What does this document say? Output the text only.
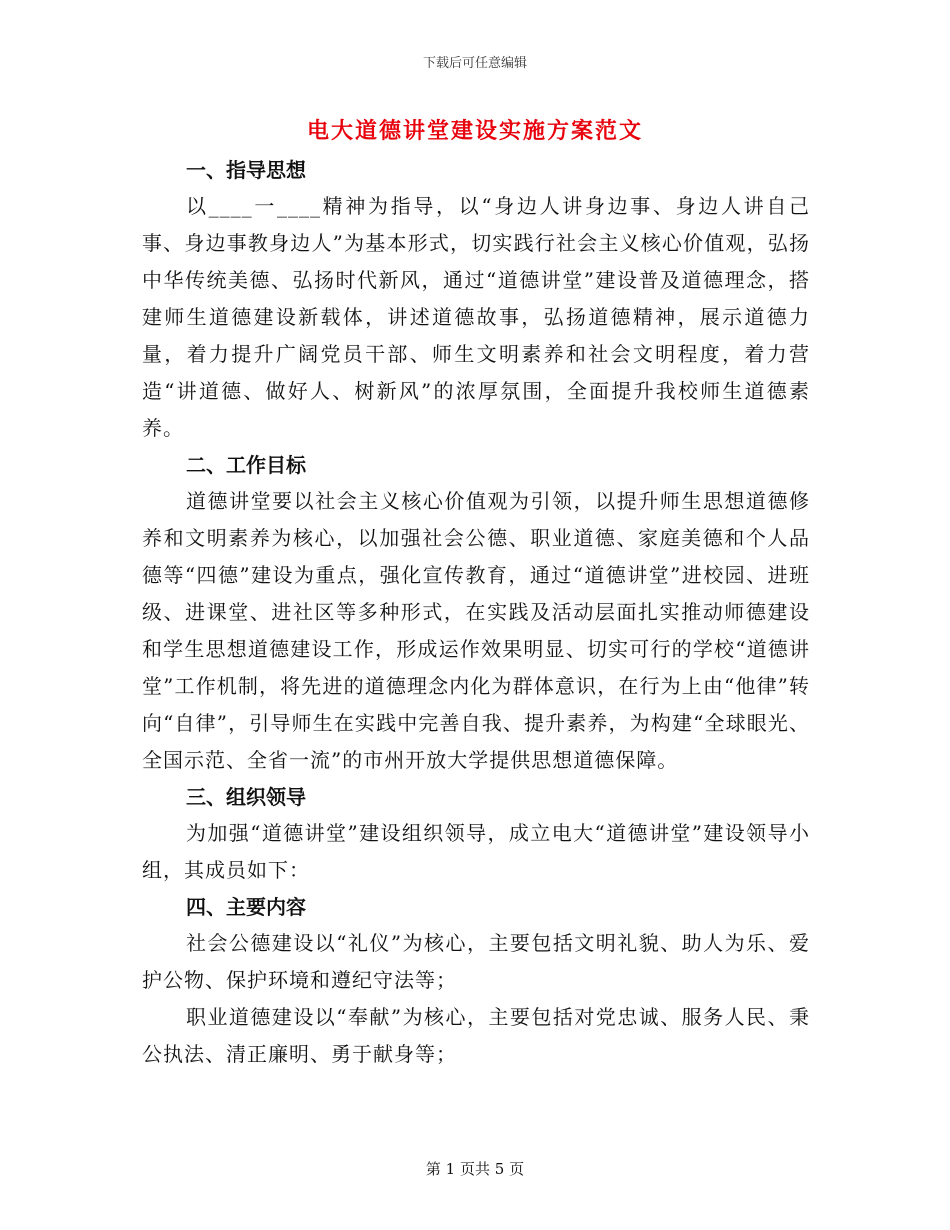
下载后可任意编辑
电大道德讲堂建设实施方案范文
一、指导思想

以____一____精神为指导，以“身边人讲身边事、身边人讲自己事、身边事教身边人”为基本形式，切实践行社会主义核心价值观，弘扬中华传统美德、弘扬时代新风，通过“道德讲堂”建设普及道德理念，搭建师生道德建设新载体，讲述道德故事，弘扬道德精神，展示道德力量，着力提升广阔党员干部、师生文明素养和社会文明程度，着力营造“讲道德、做好人、树新风”的浓厚氛围，全面提升我校师生道德素养。

二、工作目标

道德讲堂要以社会主义核心价值观为引领，以提升师生思想道德修养和文明素养为核心，以加强社会公德、职业道德、家庭美德和个人品德等“四德”建设为重点，强化宣传教育，通过“道德讲堂”进校园、进班级、进课堂、进社区等多种形式，在实践及活动层面扎实推动师德建设和学生思想道德建设工作，形成运作效果明显、切实可行的学校“道德讲堂”工作机制，将先进的道德理念内化为群体意识，在行为上由“他律”转向“自律”，引导师生在实践中完善自我、提升素养，为构建“全球眼光、全国示范、全省一流”的市州开放大学提供思想道德保障。

三、组织领导

为加强“道德讲堂”建设组织领导，成立电大“道德讲堂”建设领导小组，其成员如下：

四、主要内容

社会公德建设以“礼仪”为核心，主要包括文明礼貌、助人为乐、爱护公物、保护环境和遵纪守法等；

职业道德建设以“奉献”为核心，主要包括对党忠诚、服务人民、秉公执法、清正廉明、勇于献身等；

第 1 页共 5 页
